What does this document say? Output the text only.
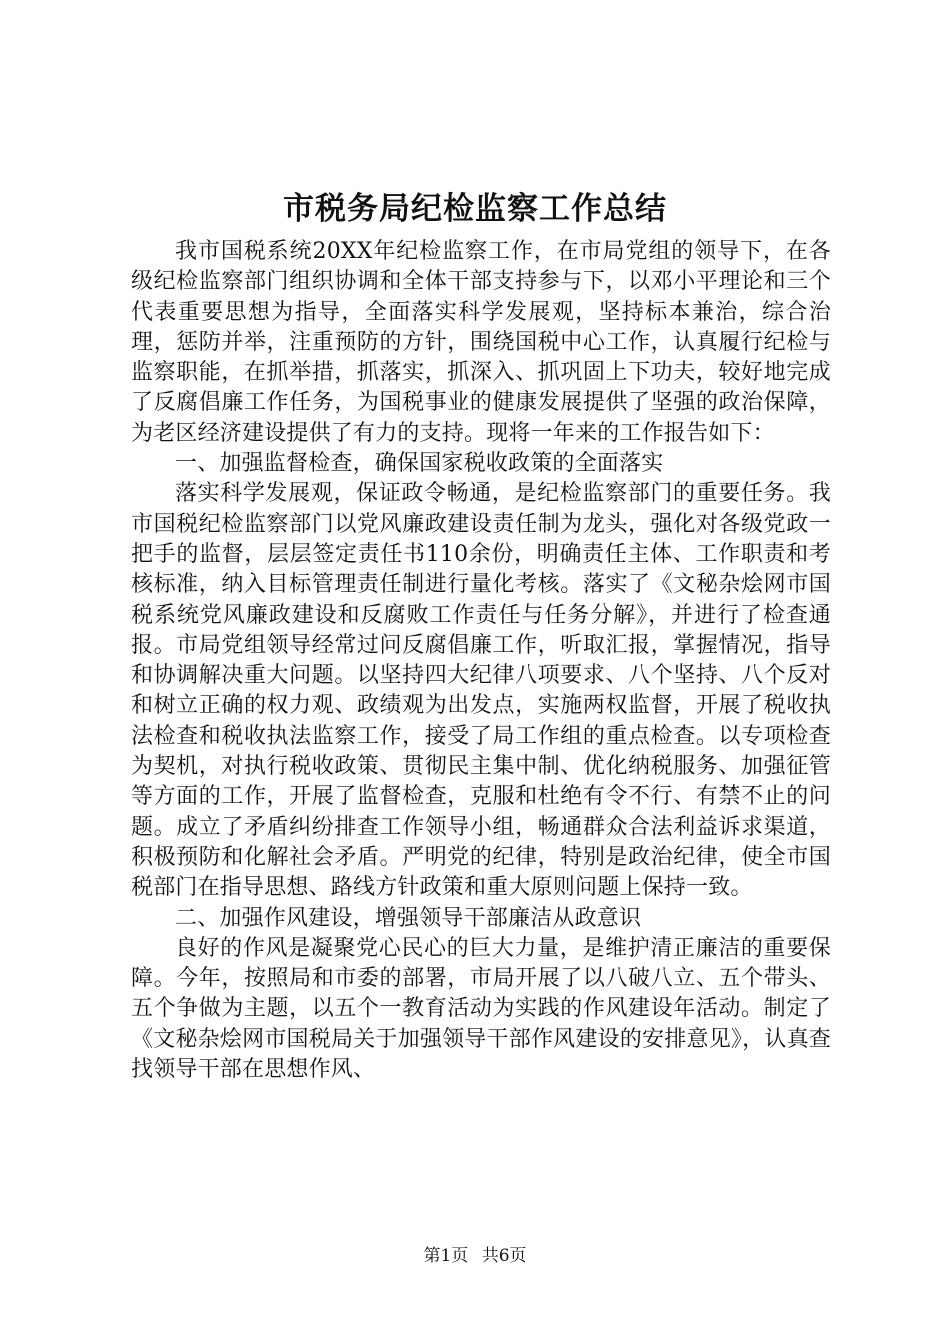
市税务局纪检监察工作总结

我市国税系统20XX年纪检监察工作，在市局党组的领导下，在各级纪检监察部门组织协调和全体干部支持参与下，以邓小平理论和三个代表重要思想为指导，全面落实科学发展观，坚持标本兼治，综合治理，惩防并举，注重预防的方针，围绕国税中心工作，认真履行纪检与监察职能，在抓举措，抓落实，抓深入、抓巩固上下功夫，较好地完成了反腐倡廉工作任务，为国税事业的健康发展提供了坚强的政治保障，为老区经济建设提供了有力的支持。现将一年来的工作报告如下：

一、加强监督检查，确保国家税收政策的全面落实

落实科学发展观，保证政令畅通，是纪检监察部门的重要任务。我市国税纪检监察部门以党风廉政建设责任制为龙头，强化对各级党政一把手的监督，层层签定责任书110余份，明确责任主体、工作职责和考核标准，纳入目标管理责任制进行量化考核。落实了《文秘杂烩网市国税系统党风廉政建设和反腐败工作责任与任务分解》，并进行了检查通报。市局党组领导经常过问反腐倡廉工作，听取汇报，掌握情况，指导和协调解决重大问题。以坚持四大纪律八项要求、八个坚持、八个反对和树立正确的权力观、政绩观为出发点，实施两权监督，开展了税收执法检查和税收执法监察工作，接受了局工作组的重点检查。以专项检查为契机，对执行税收政策、贯彻民主集中制、优化纳税服务、加强征管等方面的工作，开展了监督检查，克服和杜绝有令不行、有禁不止的问题。成立了矛盾纠纷排查工作领导小组，畅通群众合法利益诉求渠道，积极预防和化解社会矛盾。严明党的纪律，特别是政治纪律，使全市国税部门在指导思想、路线方针政策和重大原则问题上保持一致。

二、加强作风建设，增强领导干部廉洁从政意识

良好的作风是凝聚党心民心的巨大力量，是维护清正廉洁的重要保障。今年，按照局和市委的部署，市局开展了以八破八立、五个带头、五个争做为主题，以五个一教育活动为实践的作风建设年活动。制定了《文秘杂烩网市国税局关于加强领导干部作风建设的安排意见》，认真查找领导干部在思想作风、

第1页 共6页
